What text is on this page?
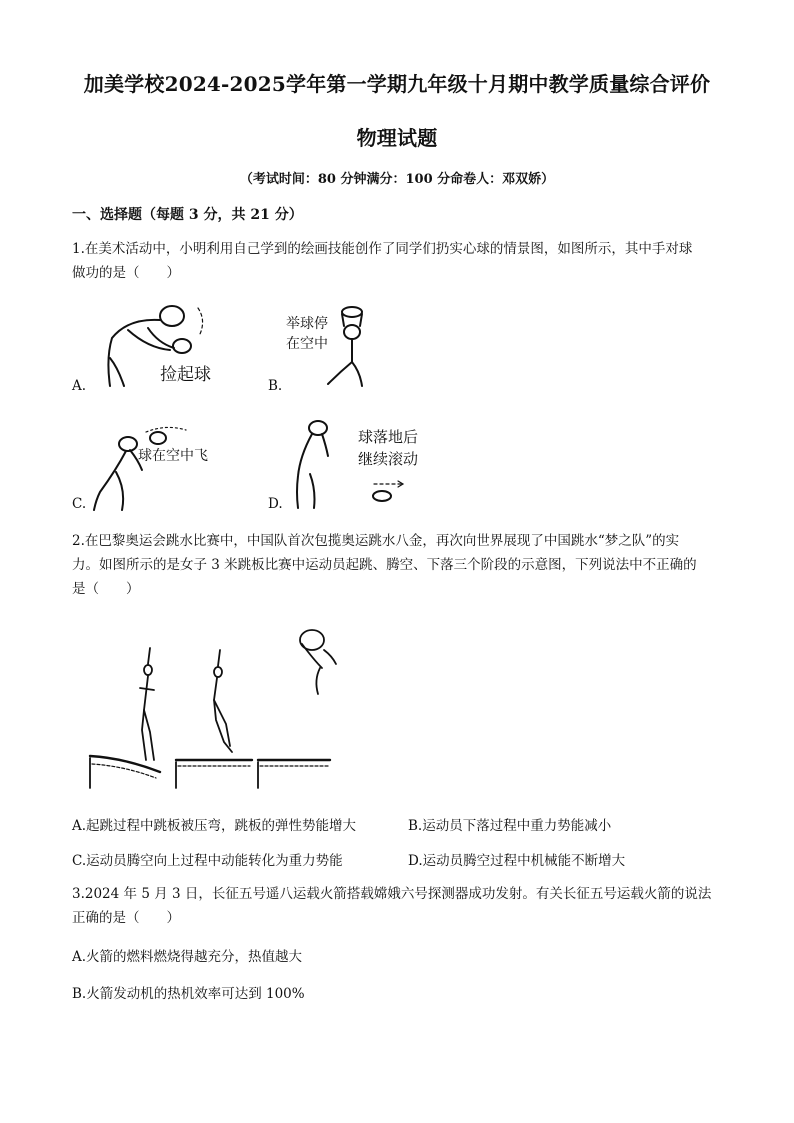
加美学校2024-2025学年第一学期九年级十月期中教学质量综合评价
物理试题
（考试时间：80 分钟满分：100 分命卷人：邓双娇）
一、选择题（每题 3 分，共 21 分）
1.在美术活动中，小明利用自己学到的绘画技能创作了同学们扔实心球的情景图，如图所示，其中手对球
做功的是（　　）
A.
捡起球
B.
举球停
在空中
C.
球在空中飞
D.
球落地后
继续滚动
2.在巴黎奥运会跳水比赛中，中国队首次包揽奥运跳水八金，再次向世界展现了中国跳水“梦之队”的实
力。如图所示的是女子 3 米跳板比赛中运动员起跳、腾空、下落三个阶段的示意图，下列说法中不正确的
是（　　）
A.起跳过程中跳板被压弯，跳板的弹性势能增大	B.运动员下落过程中重力势能减小
C.运动员腾空向上过程中动能转化为重力势能	D.运动员腾空过程中机械能不断增大
3.2024 年 5 月 3 日，长征五号遥八运载火箭搭载嫦娥六号探测器成功发射。有关长征五号运载火箭的说法
正确的是（　　）
A.火箭的燃料燃烧得越充分，热值越大
B.火箭发动机的热机效率可达到 100%
